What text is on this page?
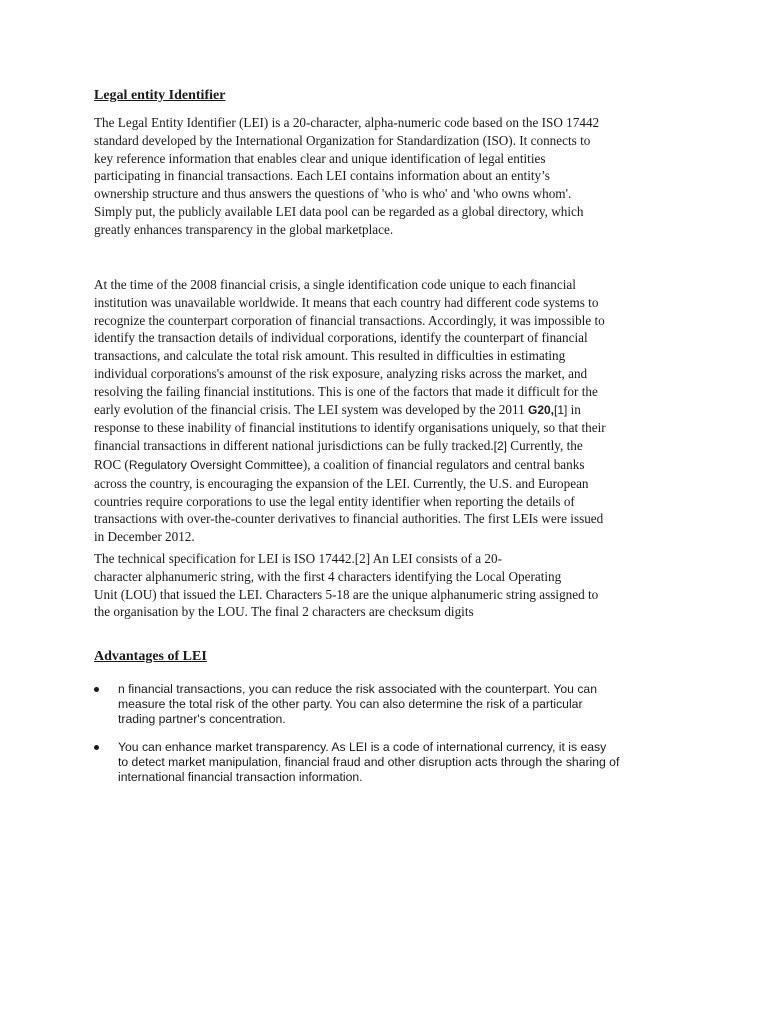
Legal entity Identifier

The Legal Entity Identifier (LEI) is a 20-character, alpha-numeric code based on the ISO 17442
standard developed by the International Organization for Standardization (ISO). It connects to
key reference information that enables clear and unique identification of legal entities
participating in financial transactions. Each LEI contains information about an entity’s
ownership structure and thus answers the questions of 'who is who' and 'who owns whom'.
Simply put, the publicly available LEI data pool can be regarded as a global directory, which
greatly enhances transparency in the global marketplace.

At the time of the 2008 financial crisis, a single identification code unique to each financial
institution was unavailable worldwide. It means that each country had different code systems to
recognize the counterpart corporation of financial transactions. Accordingly, it was impossible to
identify the transaction details of individual corporations, identify the counterpart of financial
transactions, and calculate the total risk amount. This resulted in difficulties in estimating
individual corporations's amounst of the risk exposure, analyzing risks across the market, and
resolving the failing financial institutions. This is one of the factors that made it difficult for the
early evolution of the financial crisis. The LEI system was developed by the 2011 G20,[1] in
response to these inability of financial institutions to identify organisations uniquely, so that their
financial transactions in different national jurisdictions can be fully tracked.[2] Currently, the
ROC (Regulatory Oversight Committee), a coalition of financial regulators and central banks
across the country, is encouraging the expansion of the LEI. Currently, the U.S. and European
countries require corporations to use the legal entity identifier when reporting the details of
transactions with over-the-counter derivatives to financial authorities. The first LEIs were issued
in December 2012.

The technical specification for LEI is ISO 17442.[2] An LEI consists of a 20-
character alphanumeric string, with the first 4 characters identifying the Local Operating
Unit (LOU) that issued the LEI. Characters 5-18 are the unique alphanumeric string assigned to
the organisation by the LOU. The final 2 characters are checksum digits

Advantages of LEI
n financial transactions, you can reduce the risk associated with the counterpart. You can
measure the total risk of the other party. You can also determine the risk of a particular
trading partner's concentration.
You can enhance market transparency. As LEI is a code of international currency, it is easy
to detect market manipulation, financial fraud and other disruption acts through the sharing of
international financial transaction information.
